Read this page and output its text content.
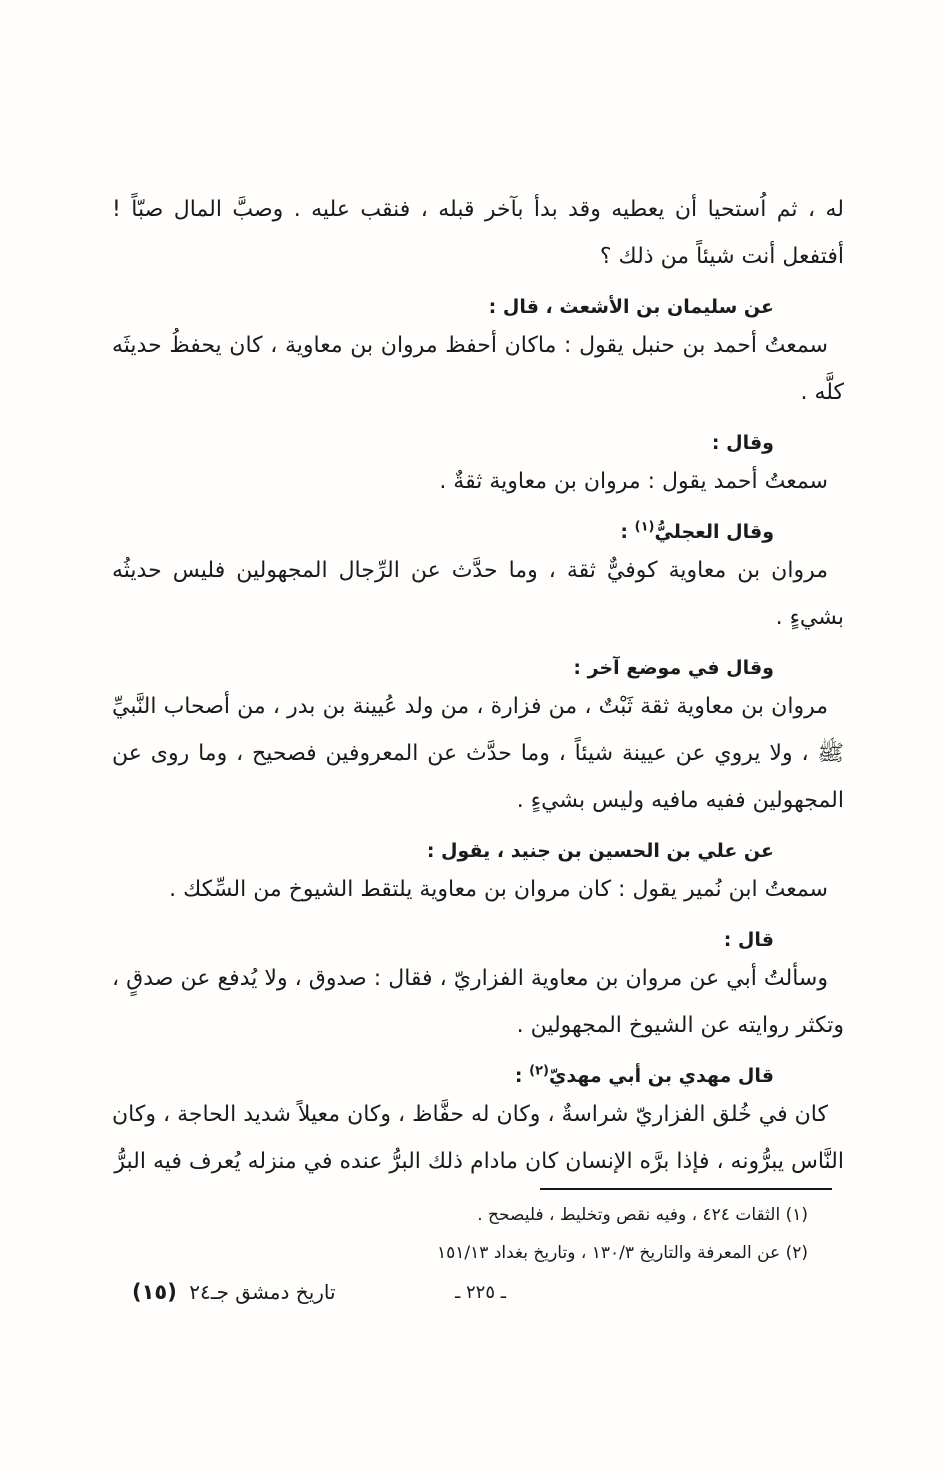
له ، ثم اُستحيا أن يعطيه وقد بدأ بآخر قبله ، فنقب عليه . وصبَّ المال صبّاً ! أفتفعل أنت شيئاً من ذلك ؟

عن سليمان بن الأشعث ، قال :

سمعتُ أحمد بن حنبل يقول : ماكان أحفظ مروان بن معاوية ، كان يحفظُ حديثَه كلَّه .

وقال :

سمعتُ أحمد يقول : مروان بن معاوية ثقةٌ .

وقال العجليُّ$^{(١)}$ :

مروان بن معاوية كوفيٌّ ثقة ، وما حدَّث عن الرِّجال المجهولين فليس حديثُه بشيءٍ .

وقال في موضع آخر :

مروان بن معاوية ثقة ثَبْتٌ ، من فزارة ، من ولد عُيينة بن بدر ، من أصحاب النَّبيِّ ﷺ ، ولا يروي عن عيينة شيئاً ، وما حدَّث عن المعروفين فصحيح ، وما روى عن المجهولين ففيه مافيه وليس بشيءٍ .

عن علي بن الحسين بن جنيد ، يقول :

سمعتُ ابن نُمير يقول : كان مروان بن معاوية يلتقط الشيوخ من السِّكك .

قال :

وسألتُ أبي عن مروان بن معاوية الفزاريّ ، فقال : صدوق ، ولا يُدفع عن صدقٍ ، وتكثر روايته عن الشيوخ المجهولين .

قال مهدي بن أبي مهديّ$^{(٢)}$ :

كان في خُلق الفزاريّ شراسةٌ ، وكان له حفَّاظ ، وكان معيلاً شديد الحاجة ، وكان النَّاس يبرُّونه ، فإذا برَّه الإنسان كان مادام ذلك البرُّ عنده في منزله يُعرف فيه البرُّ

(١) الثقات ٤٢٤ ، وفيه نقص وتخليط ، فليصحح .

(٢) عن المعرفة والتاريخ ١٣٠/٣ ، وتاريخ بغداد ١٥١/١٣

تاريخ دمشق جـ٢٤ (١٥)	ـ ٢٢٥ ـ
